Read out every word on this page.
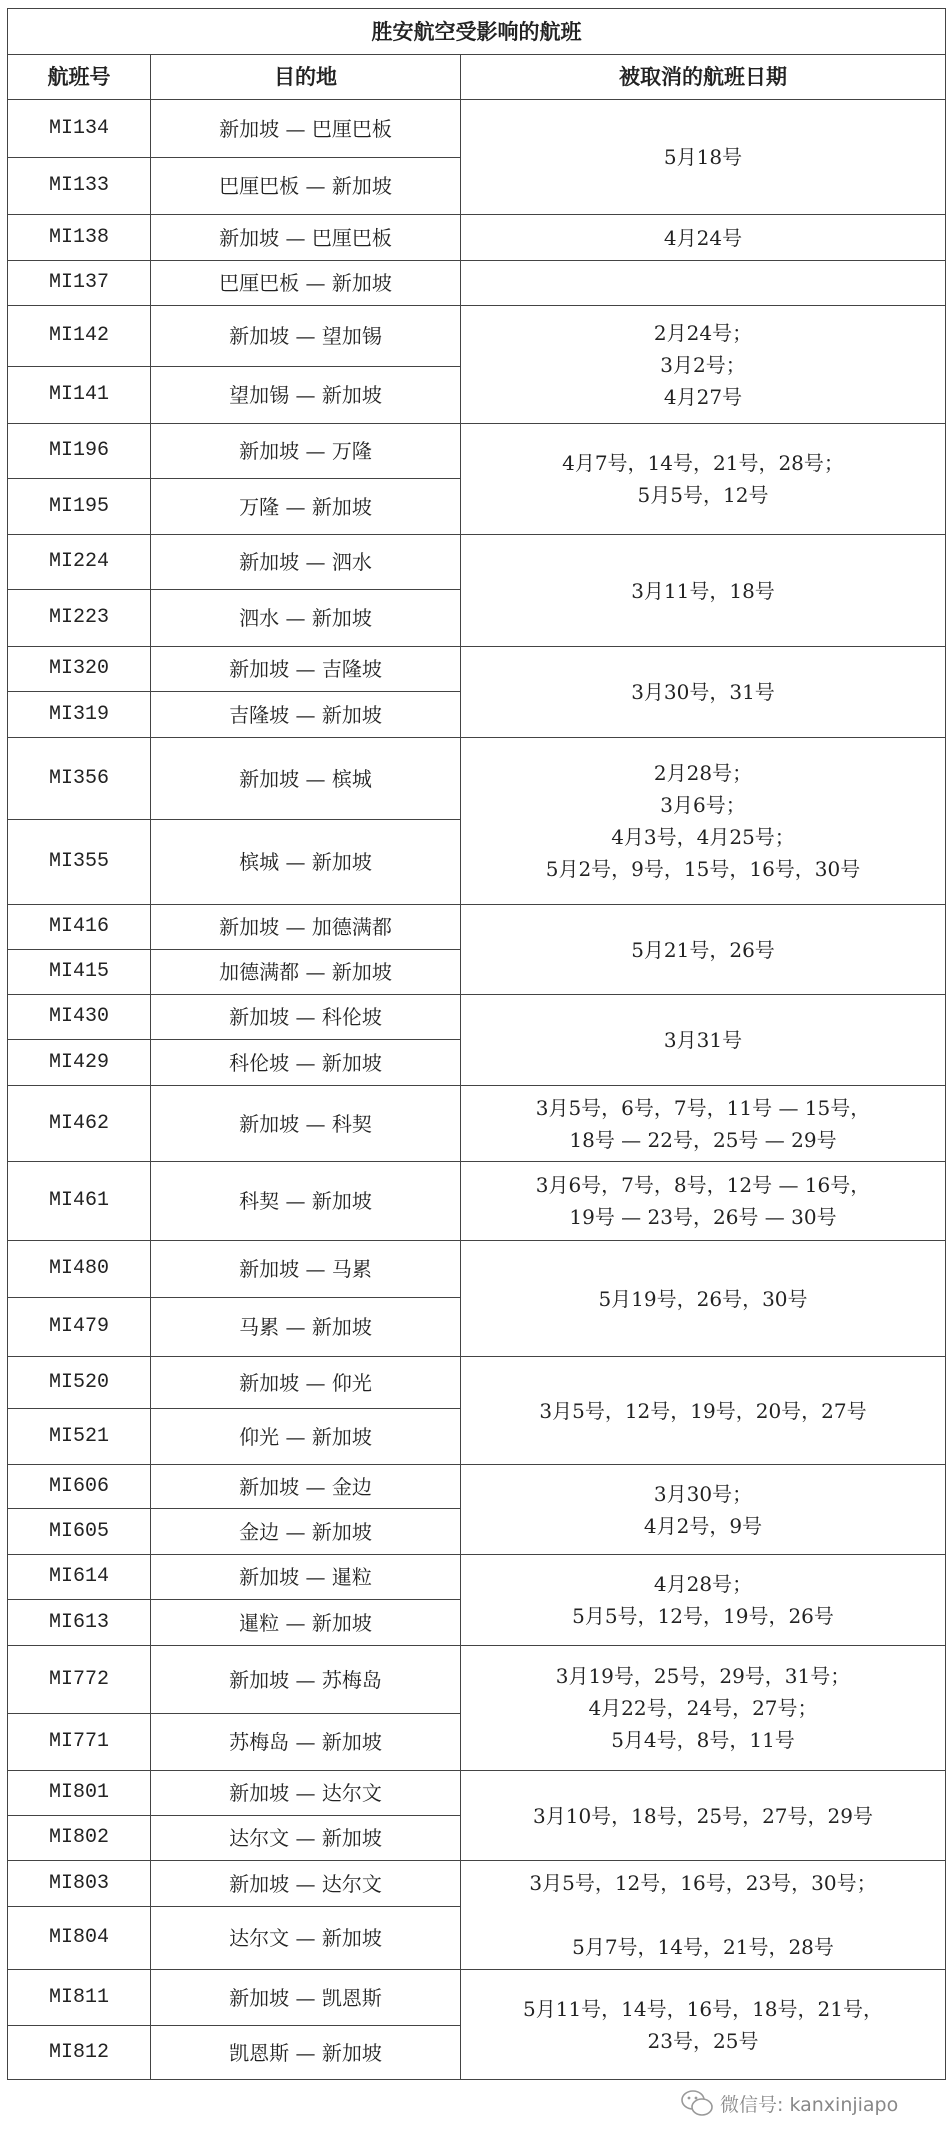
胜安航空受影响的航班		
航班号	目的地	被取消的航班日期
MI134	新加坡 — 巴厘巴板	5月18号

MI133	巴厘巴板 — 新加坡	
MI138	新加坡 — 巴厘巴板	4月24号

MI137	巴厘巴板 — 新加坡	
MI142	新加坡 — 望加锡	2月24号；
3月2号；
4月27号

MI141	望加锡 — 新加坡	
MI196	新加坡 — 万隆	4月7号，14号，21号，28号；
5月5号，12号

MI195	万隆 — 新加坡	
MI224	新加坡 — 泗水	3月11号，18号

MI223	泗水 — 新加坡	
MI320	新加坡 — 吉隆坡	3月30号，31号

MI319	吉隆坡 — 新加坡	
MI356	新加坡 — 槟城	2月28号；
3月6号；
4月3号，4月25号；
5月2号，9号，15号，16号，30号

MI355	槟城 — 新加坡	
MI416	新加坡 — 加德满都	5月21号，26号

MI415	加德满都 — 新加坡	
MI430	新加坡 — 科伦坡	3月31号

MI429	科伦坡 — 新加坡	
MI462	新加坡 — 科契	3月5号，6号，7号，11号 — 15号，
18号 — 22号，25号 — 29号

MI461	科契 — 新加坡	3月6号，7号，8号，12号 — 16号，
19号 — 23号，26号 — 30号

MI480	新加坡 — 马累	5月19号，26号，30号

MI479	马累 — 新加坡	
MI520	新加坡 — 仰光	3月5号，12号，19号，20号，27号

MI521	仰光 — 新加坡	
MI606	新加坡 — 金边	3月30号；
4月2号，9号

MI605	金边 — 新加坡	
MI614	新加坡 — 暹粒	4月28号；
5月5号，12号，19号，26号

MI613	暹粒 — 新加坡	
MI772	新加坡 — 苏梅岛	3月19号，25号，29号，31号；
4月22号，24号，27号；
5月4号，8号，11号

MI771	苏梅岛 — 新加坡	
MI801	新加坡 — 达尔文	3月10号，18号，25号，27号，29号

MI802	达尔文 — 新加坡	
MI803	新加坡 — 达尔文	3月5号，12号，16号，23号，30号；
5月7号，14号，21号，28号

MI804	达尔文 — 新加坡	
MI811	新加坡 — 凯恩斯	5月11号，14号，16号，18号，21号，
23号，25号

MI812	凯恩斯 — 新加坡	
微信号: kanxinjiapo
